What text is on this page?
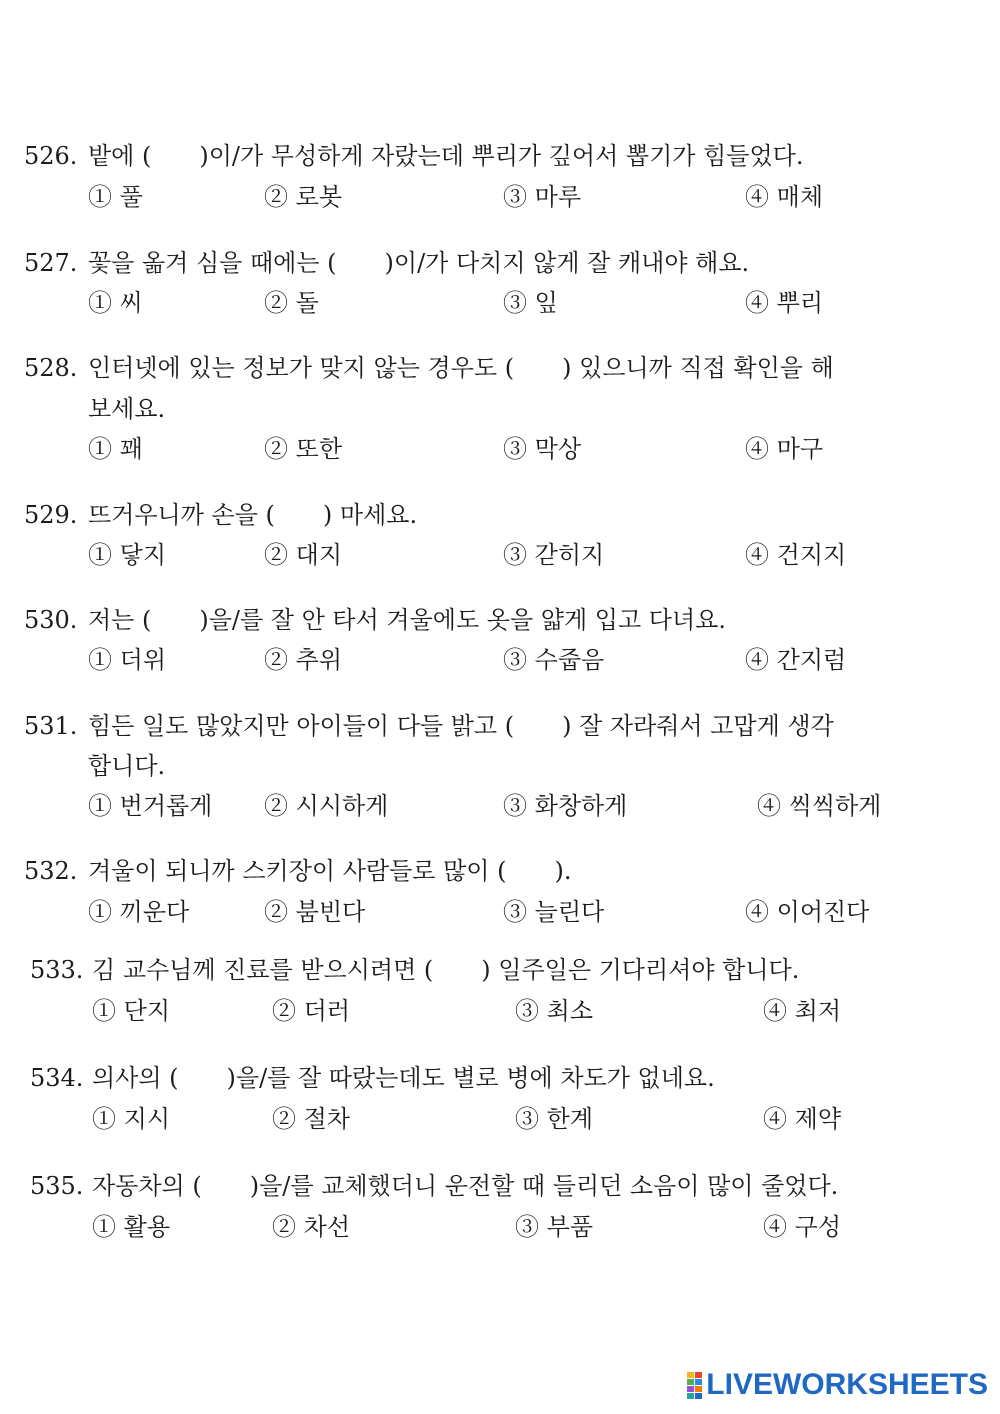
526. 밭에 (　　)이/가 무성하게 자랐는데 뿌리가 깊어서 뽑기가 힘들었다.
① 풀	② 로봇	③ 마루	④ 매체
527. 꽃을 옮겨 심을 때에는 (　　)이/가 다치지 않게 잘 캐내야 해요.
① 씨	② 돌	③ 잎	④ 뿌리
528. 인터넷에 있는 정보가 맞지 않는 경우도 (　　) 있으니까 직접 확인을 해
보세요.
① 꽤	② 또한	③ 막상	④ 마구
529. 뜨거우니까 손을 (　　) 마세요.
① 닿지	② 대지	③ 갇히지	④ 건지지
530. 저는 (　　)을/를 잘 안 타서 겨울에도 옷을 얇게 입고 다녀요.
① 더위	② 추위	③ 수줍음	④ 간지럼
531. 힘든 일도 많았지만 아이들이 다들 밝고 (　　) 잘 자라줘서 고맙게 생각
합니다.
① 번거롭게 ② 시시하게	③ 화창하게	④ 씩씩하게
532. 겨울이 되니까 스키장이 사람들로 많이 (　　).
① 끼운다	② 붐빈다	③ 늘린다	④ 이어진다
533. 김 교수님께 진료를 받으시려면 (　　) 일주일은 기다리셔야 합니다.
① 단지	② 더러	③ 최소	④ 최저
534. 의사의 (　　)을/를 잘 따랐는데도 별로 병에 차도가 없네요.
① 지시	② 절차	③ 한계	④ 제약
535. 자동차의 (　　)을/를 교체했더니 운전할 때 들리던 소음이 많이 줄었다.
① 활용	② 차선	③ 부품	④ 구성
LIVEWORKSHEETS
